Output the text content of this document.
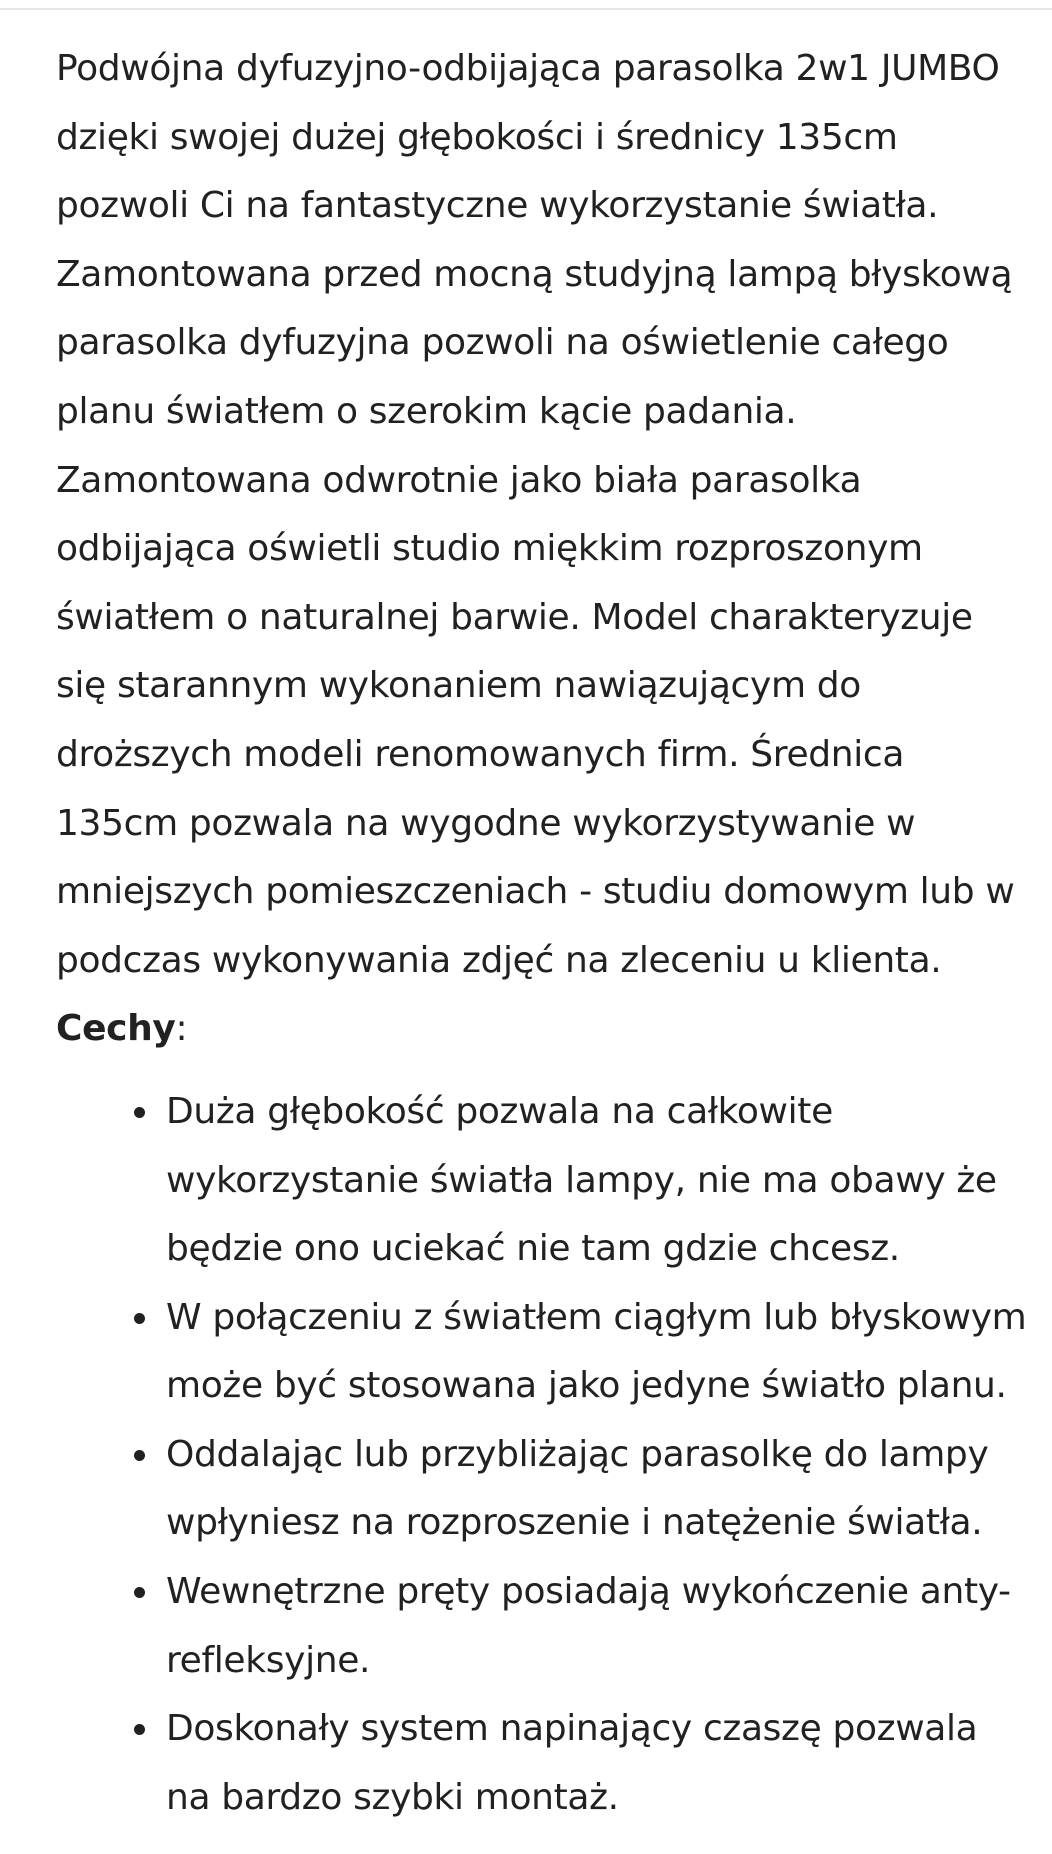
Podwójna dyfuzyjno-odbijająca parasolka 2w1 JUMBO
dzięki swojej dużej głębokości i średnicy 135cm
pozwoli Ci na fantastyczne wykorzystanie światła.
Zamontowana przed mocną studyjną lampą błyskową
parasolka dyfuzyjna pozwoli na oświetlenie całego
planu światłem o szerokim kącie padania.
Zamontowana odwrotnie jako biała parasolka
odbijająca oświetli studio miękkim rozproszonym
światłem o naturalnej barwie. Model charakteryzuje
się starannym wykonaniem nawiązującym do
droższych modeli renomowanych firm. Średnica
135cm pozwala na wygodne wykorzystywanie w
mniejszych pomieszczeniach - studiu domowym lub w
podczas wykonywania zdjęć na zleceniu u klienta.
Cechy:
Duża głębokość pozwala na całkowite
wykorzystanie światła lampy, nie ma obawy że
będzie ono uciekać nie tam gdzie chcesz.
W połączeniu z światłem ciągłym lub błyskowym
może być stosowana jako jedyne światło planu.
Oddalając lub przybliżając parasolkę do lampy
wpłyniesz na rozproszenie i natężenie światła.
Wewnętrzne pręty posiadają wykończenie anty-
refleksyjne.
Doskonały system napinający czaszę pozwala
na bardzo szybki montaż.
